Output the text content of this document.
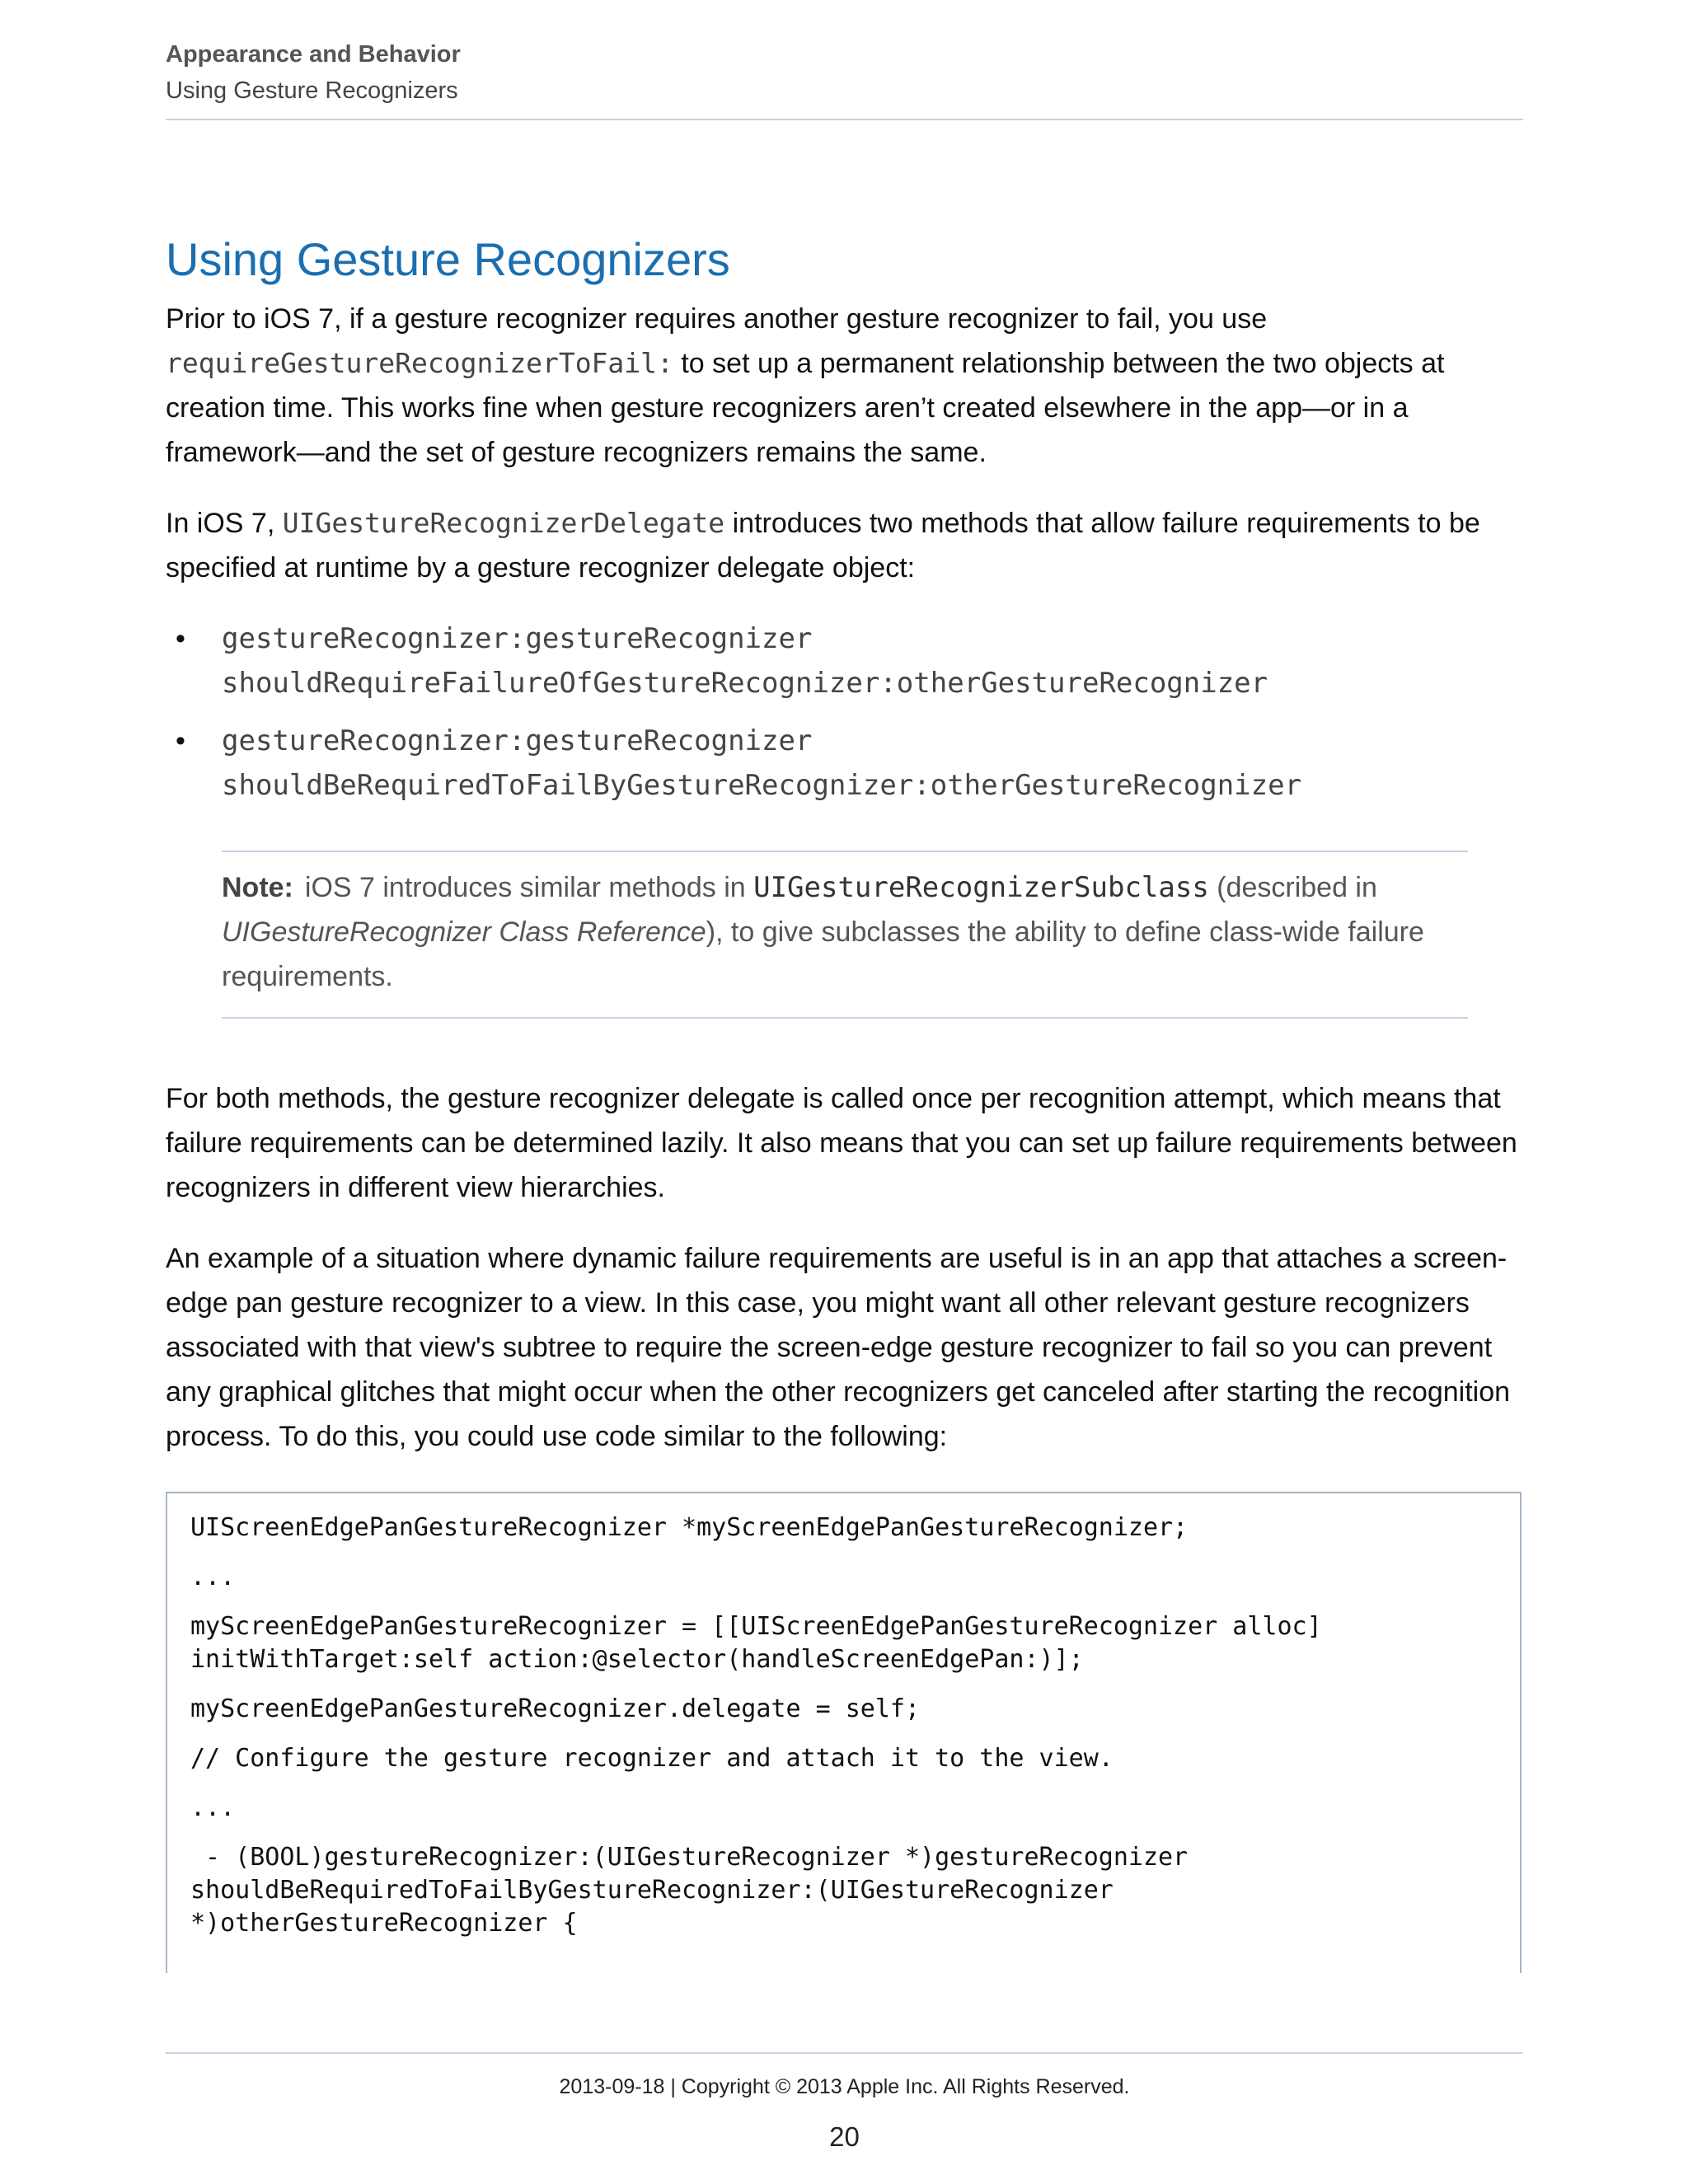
Appearance and Behavior
Using Gesture Recognizers
Using Gesture Recognizers

Prior to iOS 7, if a gesture recognizer requires another gesture recognizer to fail, you use requireGestureRecognizerToFail: to set up a permanent relationship between the two objects at creation time. This works fine when gesture recognizers aren’t created elsewhere in the app—or in a framework—and the set of gesture recognizers remains the same.

In iOS 7, UIGestureRecognizerDelegate introduces two methods that allow failure requirements to be specified at runtime by a gesture recognizer delegate object:

• gestureRecognizer:gestureRecognizer
shouldRequireFailureOfGestureRecognizer:otherGestureRecognizer
• gestureRecognizer:gestureRecognizer
shouldBeRequiredToFailByGestureRecognizer:otherGestureRecognizer
Note: iOS 7 introduces similar methods in UIGestureRecognizerSubclass (described in UIGestureRecognizer Class Reference), to give subclasses the ability to define class-wide failure requirements.

For both methods, the gesture recognizer delegate is called once per recognition attempt, which means that failure requirements can be determined lazily. It also means that you can set up failure requirements between recognizers in different view hierarchies.

An example of a situation where dynamic failure requirements are useful is in an app that attaches a screen-edge pan gesture recognizer to a view. In this case, you might want all other relevant gesture recognizers associated with that view's subtree to require the screen-edge gesture recognizer to fail so you can prevent any graphical glitches that might occur when the other recognizers get canceled after starting the recognition process. To do this, you could use code similar to the following:

UIScreenEdgePanGestureRecognizer *myScreenEdgePanGestureRecognizer;
...
myScreenEdgePanGestureRecognizer = [[UIScreenEdgePanGestureRecognizer alloc]
initWithTarget:self action:@selector(handleScreenEdgePan:)];
myScreenEdgePanGestureRecognizer.delegate = self;
// Configure the gesture recognizer and attach it to the view.
...
- (BOOL)gestureRecognizer:(UIGestureRecognizer *)gestureRecognizer
shouldBeRequiredToFailByGestureRecognizer:(UIGestureRecognizer
*)otherGestureRecognizer {
2013-09-18 | Copyright © 2013 Apple Inc. All Rights Reserved.
20
